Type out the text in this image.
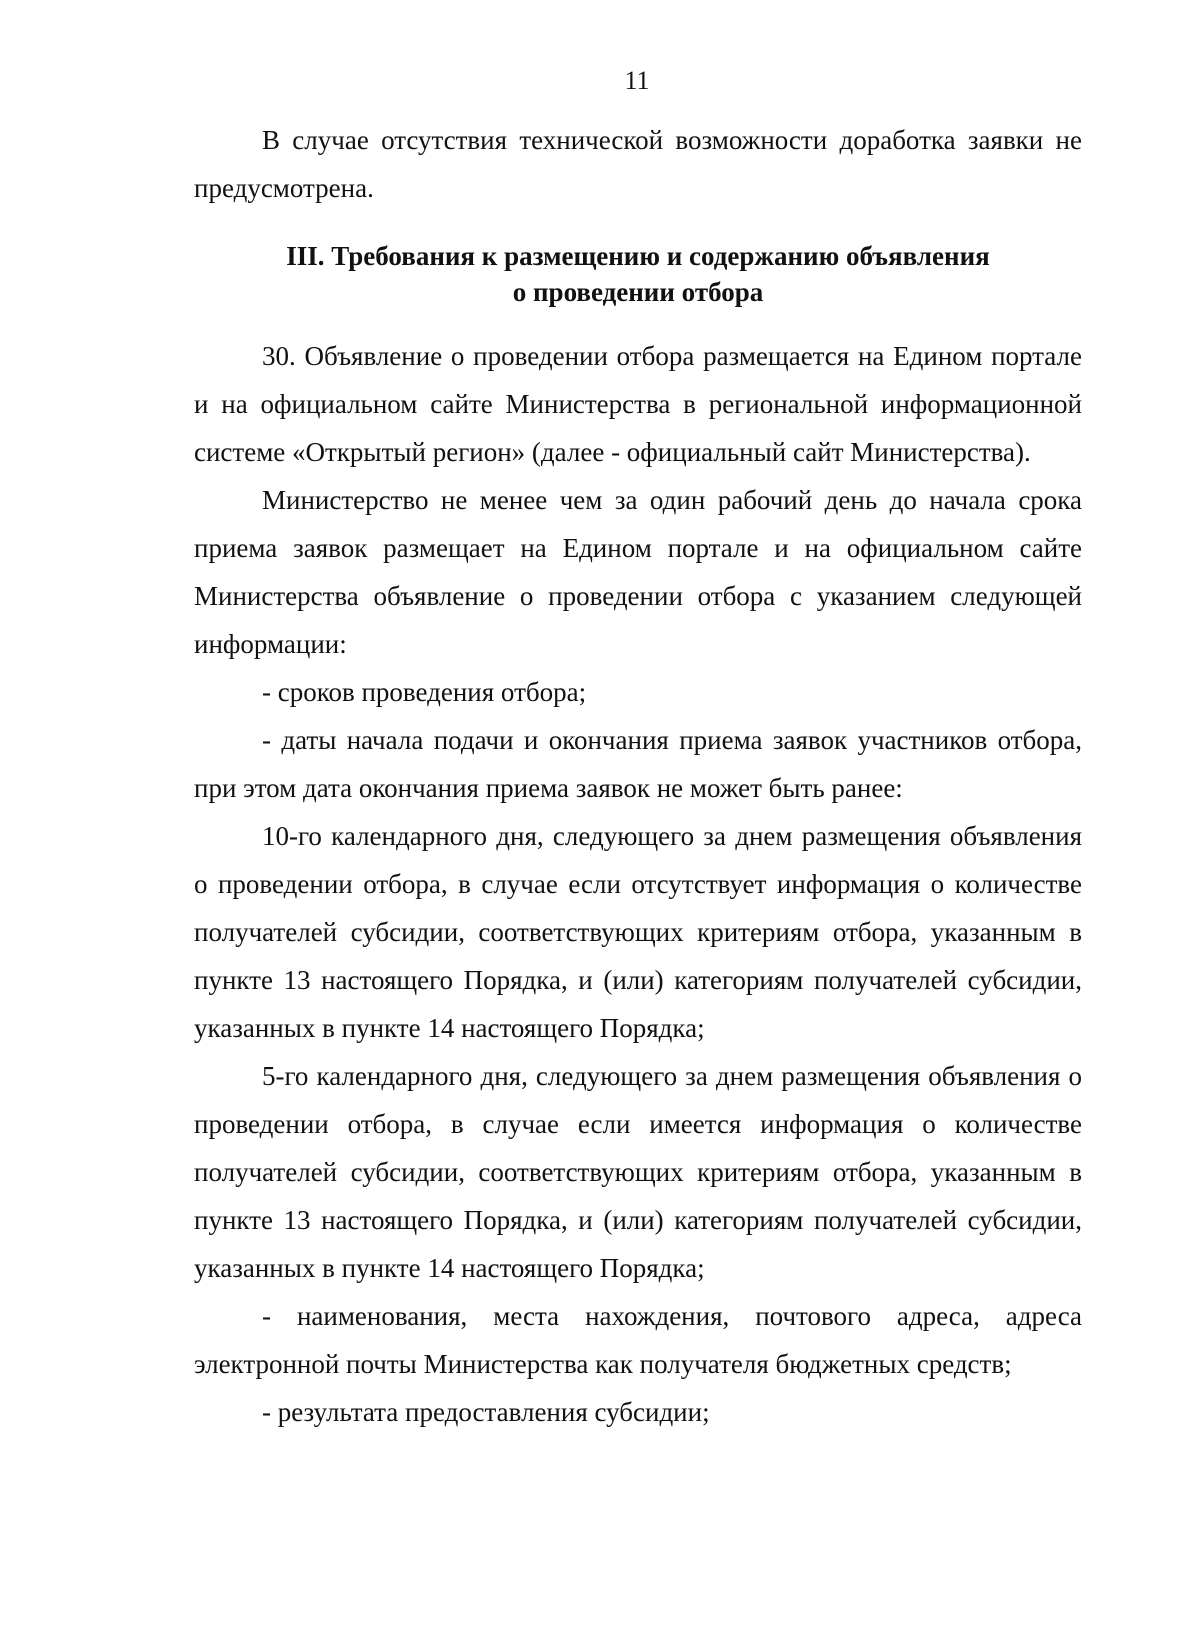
11

В случае отсутствия технической возможности доработка заявки не предусмотрена.

III. Требования к размещению и содержанию объявления
о проведении отбора

30. Объявление о проведении отбора размещается на Едином портале и на официальном сайте Министерства в региональной информационной системе «Открытый регион» (далее - официальный сайт Министерства).

Министерство не менее чем за один рабочий день до начала срока приема заявок размещает на Едином портале и на официальном сайте Министерства объявление о проведении отбора с указанием следующей информации:

- сроков проведения отбора;

- даты начала подачи и окончания приема заявок участников отбора, при этом дата окончания приема заявок не может быть ранее:

10-го календарного дня, следующего за днем размещения объявления о проведении отбора, в случае если отсутствует информация о количестве получателей субсидии, соответствующих критериям отбора, указанным в пункте 13 настоящего Порядка, и (или) категориям получателей субсидии, указанных в пункте 14 настоящего Порядка;

5-го календарного дня, следующего за днем размещения объявления о проведении отбора, в случае если имеется информация о количестве получателей субсидии, соответствующих критериям отбора, указанным в пункте 13 настоящего Порядка, и (или) категориям получателей субсидии, указанных в пункте 14 настоящего Порядка;

- наименования, места нахождения, почтового адреса, адреса электронной почты Министерства как получателя бюджетных средств;

- результата предоставления субсидии;
